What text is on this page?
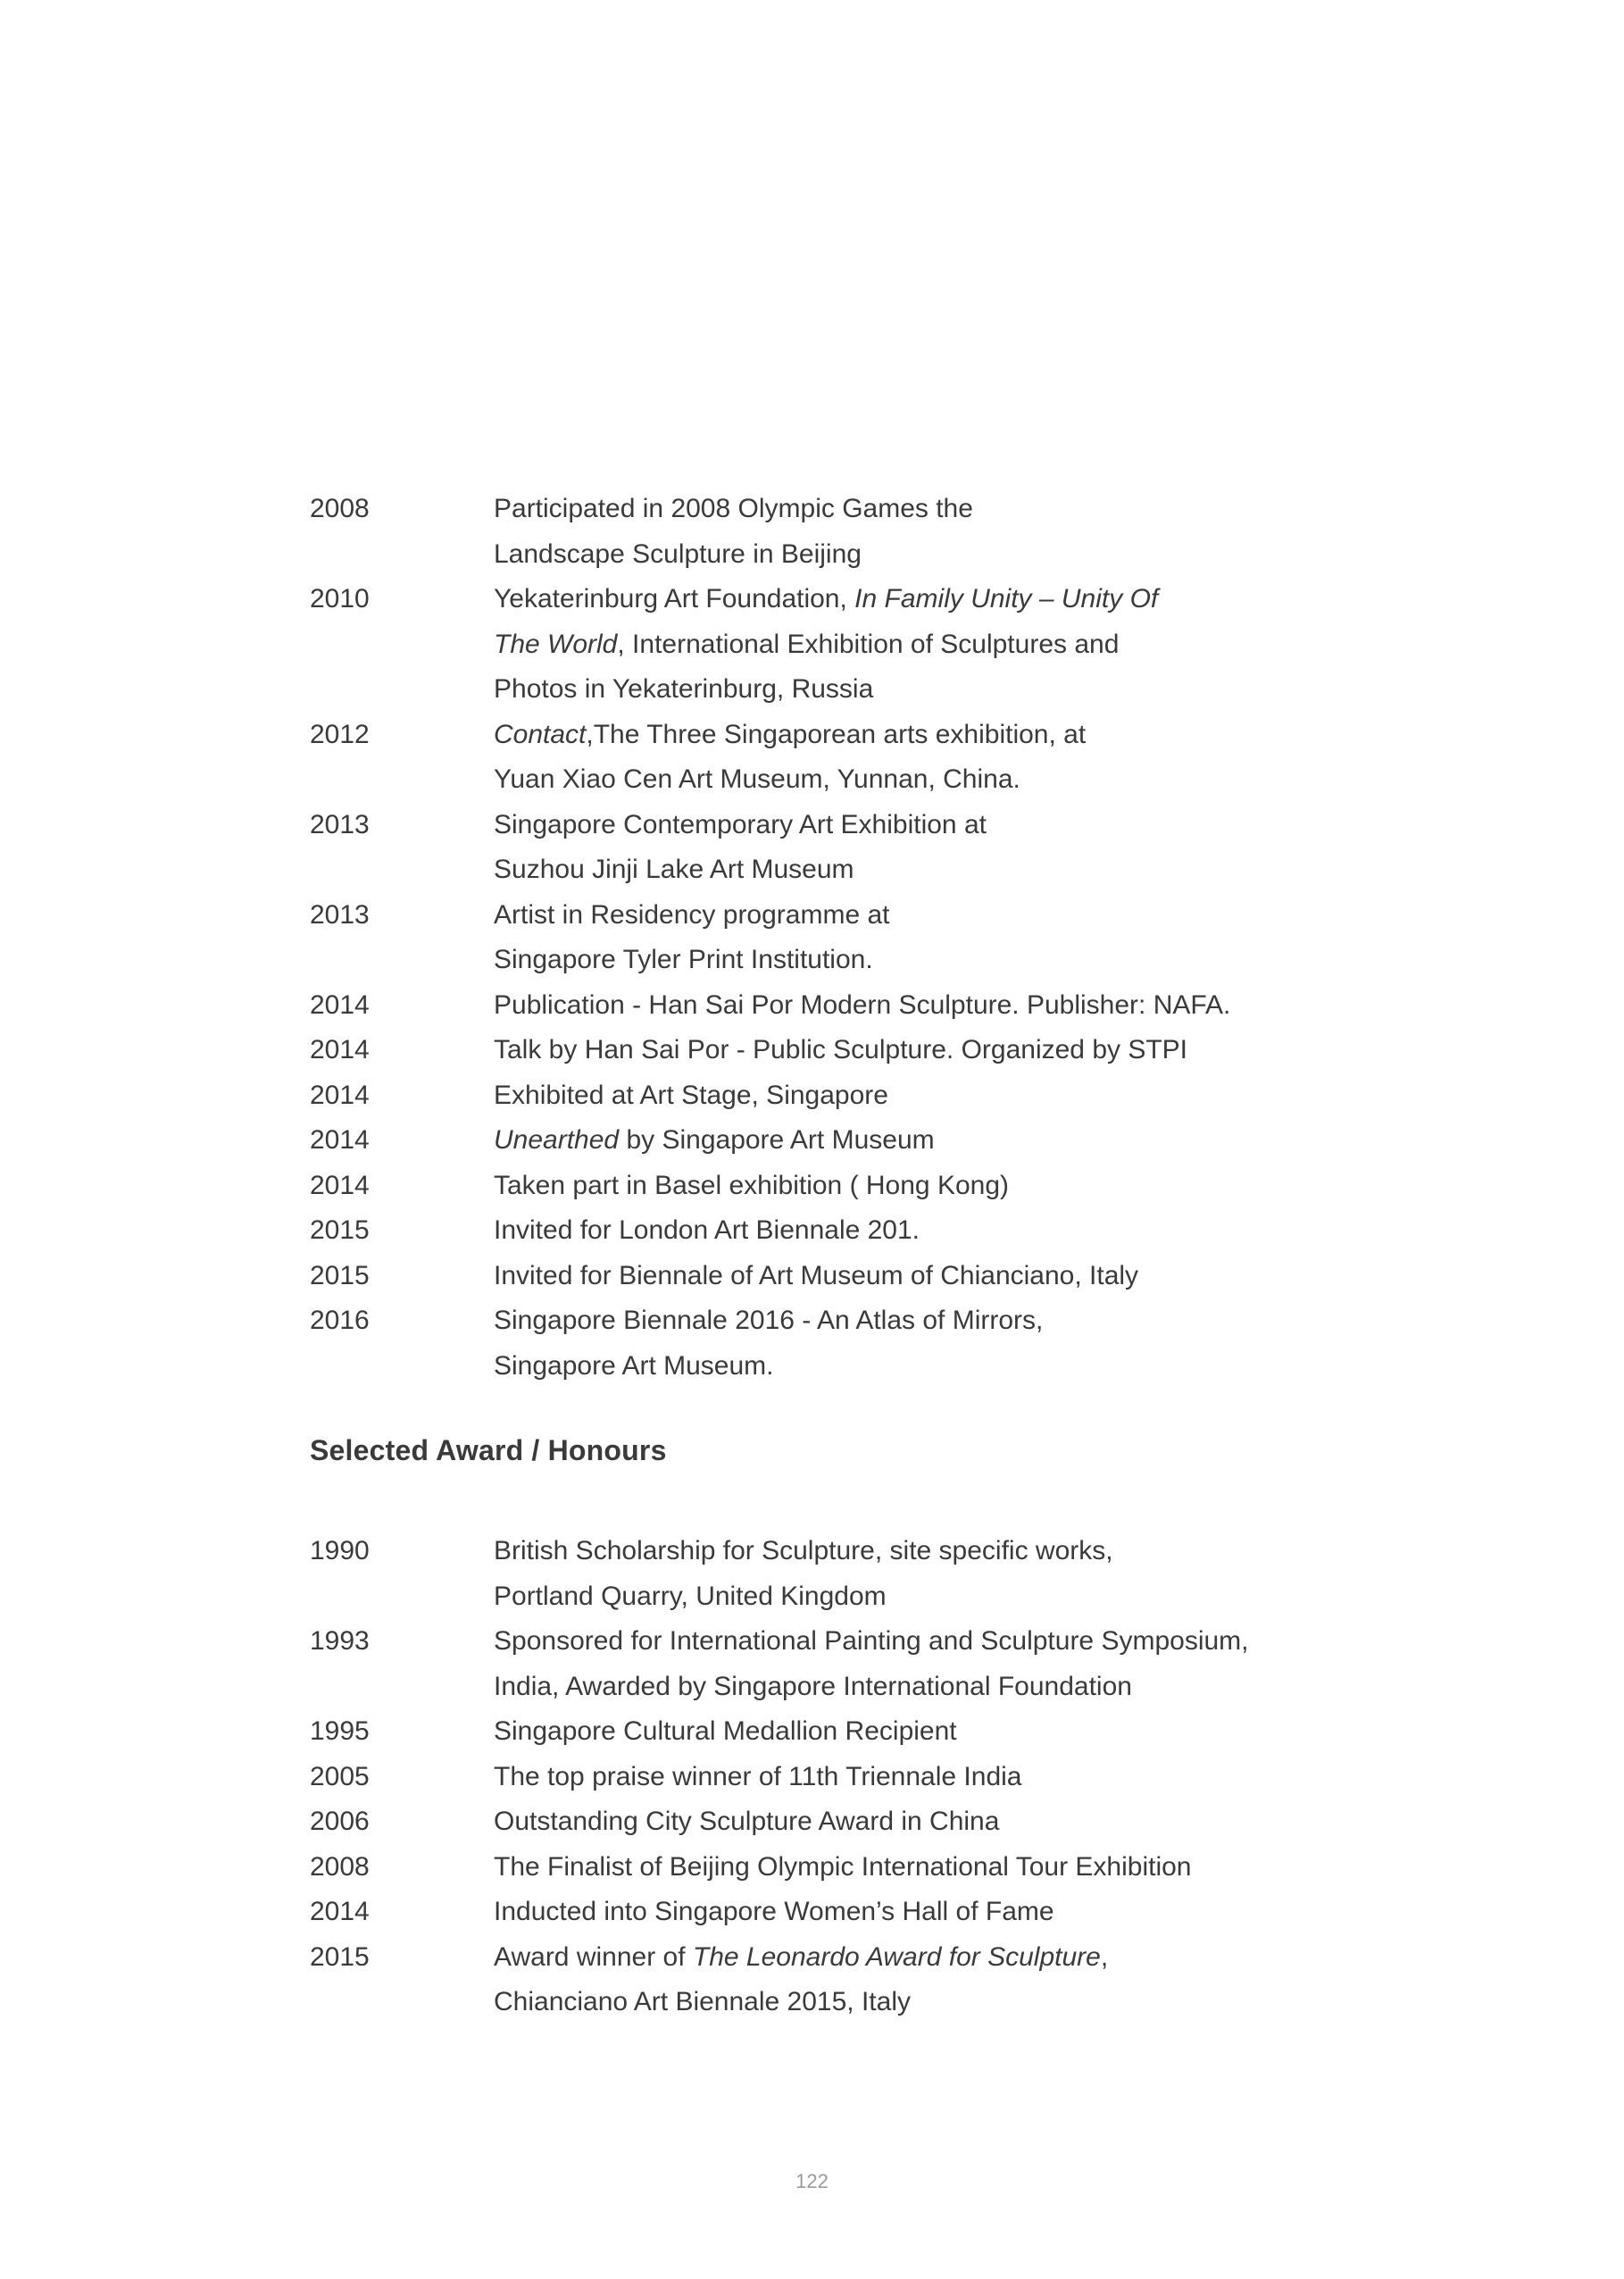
2008	Participated in 2008 Olympic Games the
Landscape Sculpture in Beijing
2010	Yekaterinburg Art Foundation, In Family Unity – Unity Of
The World, International Exhibition of Sculptures and
Photos in Yekaterinburg, Russia
2012	Contact,The Three Singaporean arts exhibition, at
Yuan Xiao Cen Art Museum, Yunnan, China.
2013	Singapore Contemporary Art Exhibition at
Suzhou Jinji Lake Art Museum
2013	Artist in Residency programme at
Singapore Tyler Print Institution.
2014	Publication - Han Sai Por Modern Sculpture. Publisher: NAFA.
2014	Talk by Han Sai Por - Public Sculpture. Organized by STPI
2014	Exhibited at Art Stage, Singapore
2014	Unearthed by Singapore Art Museum
2014	Taken part in Basel exhibition ( Hong Kong)
2015	Invited for London Art Biennale 201.
2015	Invited for Biennale of Art Museum of Chianciano, Italy
2016	Singapore Biennale 2016 - An Atlas of Mirrors,
Singapore Art Museum.
Selected Award / Honours
1990	British Scholarship for Sculpture, site specific works,
Portland Quarry, United Kingdom
1993	Sponsored for International Painting and Sculpture Symposium,
India, Awarded by Singapore International Foundation
1995	Singapore Cultural Medallion Recipient
2005	The top praise winner of 11th Triennale India
2006	Outstanding City Sculpture Award in China
2008	The Finalist of Beijing Olympic International Tour Exhibition
2014	Inducted into Singapore Women’s Hall of Fame
2015	Award winner of The Leonardo Award for Sculpture,
Chianciano Art Biennale 2015, Italy
122
